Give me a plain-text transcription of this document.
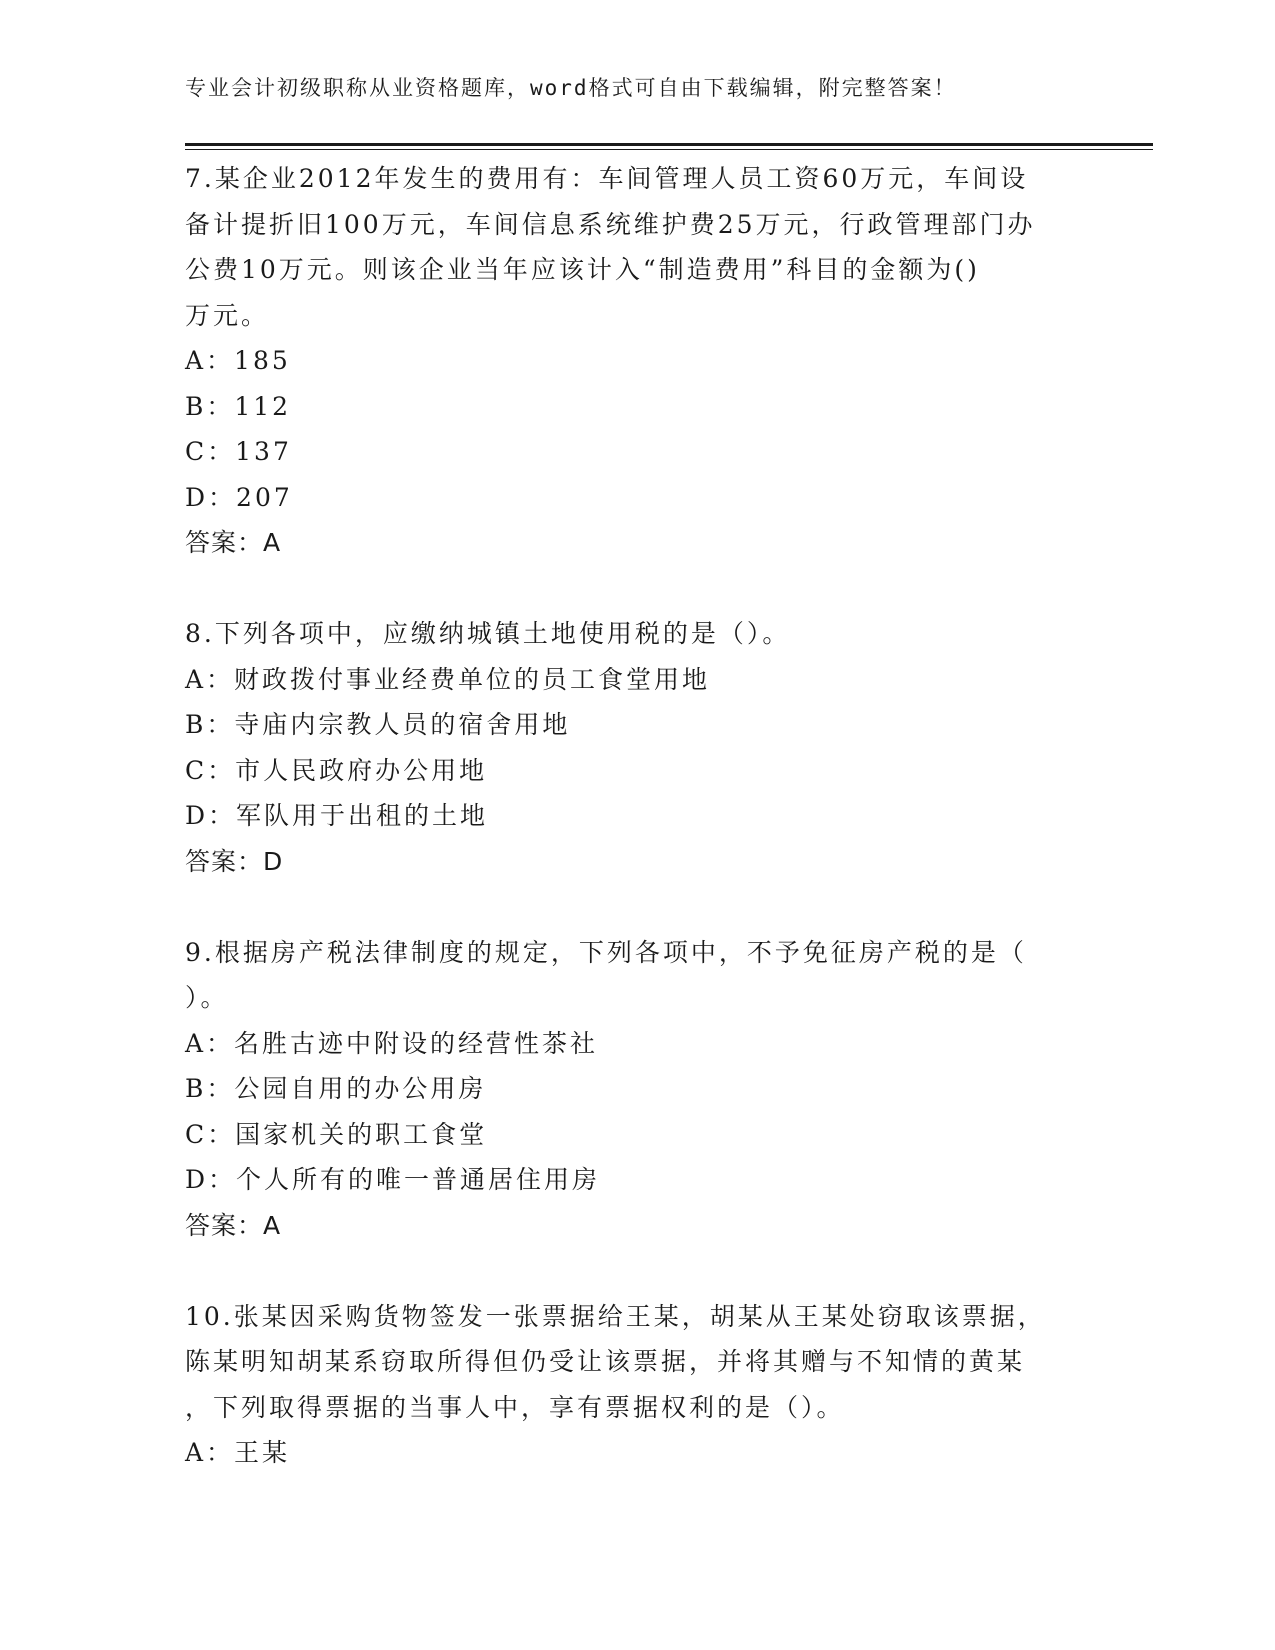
专业会计初级职称从业资格题库，word格式可自由下载编辑，附完整答案！
7.某企业2012年发生的费用有：车间管理人员工资60万元，车间设
备计提折旧100万元，车间信息系统维护费25万元，行政管理部门办
公费10万元。则该企业当年应该计入“制造费用”科目的金额为()
万元。
A：185
B：112
C：137
D：207
答案：A
8.下列各项中，应缴纳城镇土地使用税的是（）。
A：财政拨付事业经费单位的员工食堂用地
B：寺庙内宗教人员的宿舍用地
C：市人民政府办公用地
D：军队用于出租的土地
答案：D
9.根据房产税法律制度的规定，下列各项中，不予免征房产税的是（
）。
A：名胜古迹中附设的经营性茶社
B：公园自用的办公用房
C：国家机关的职工食堂
D：个人所有的唯一普通居住用房
答案：A
10.张某因采购货物签发一张票据给王某，胡某从王某处窃取该票据，
陈某明知胡某系窃取所得但仍受让该票据，并将其赠与不知情的黄某
，下列取得票据的当事人中，享有票据权利的是（）。
A：王某
